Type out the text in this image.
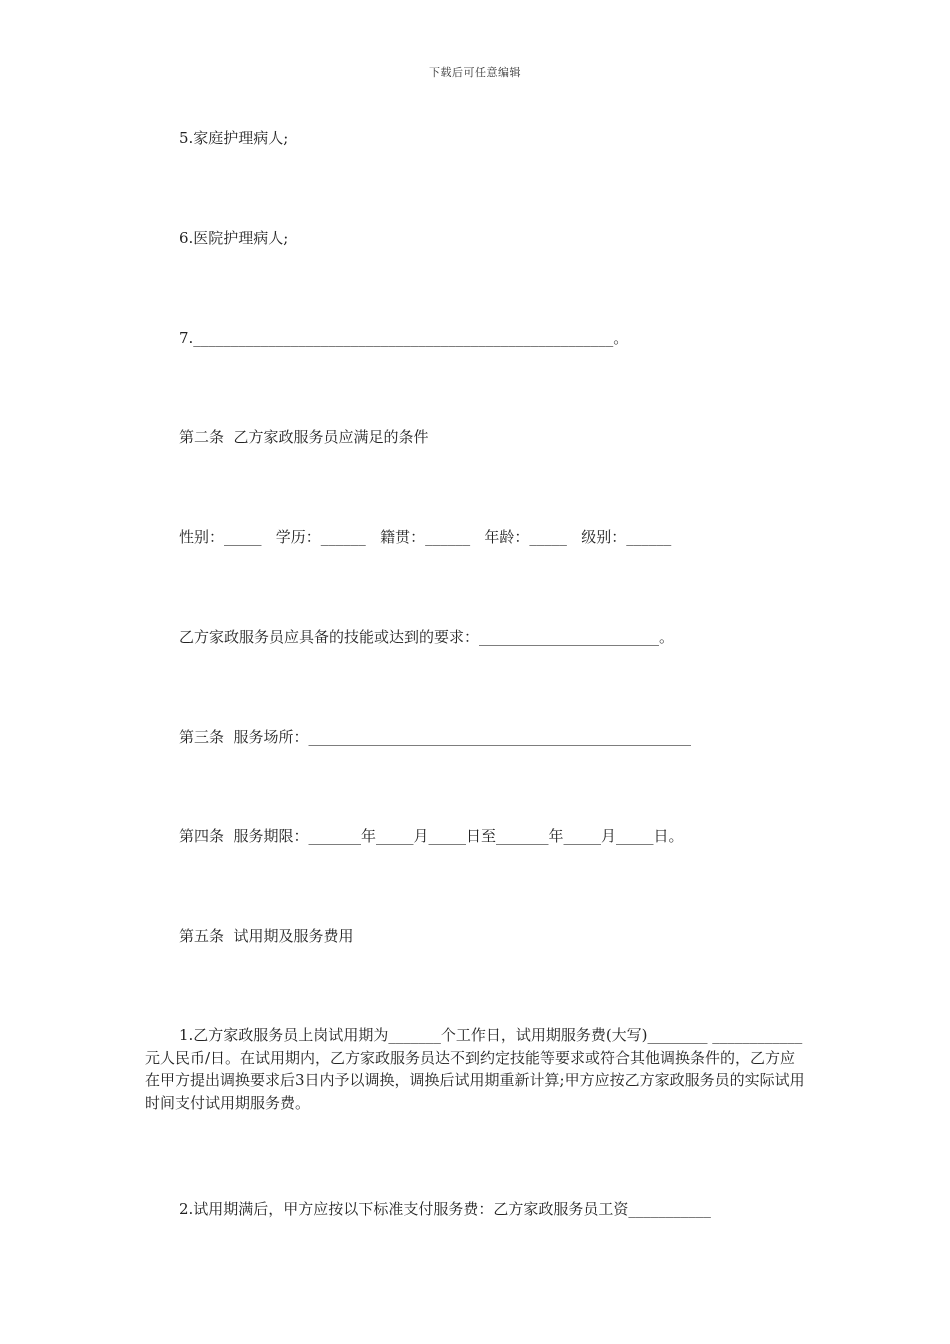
下载后可任意编辑
5.家庭护理病人;
6.医院护理病人;
7.________________________________________________________。
第二条  乙方家政服务员应满足的条件
性别：_____   学历：______   籍贯：______   年龄：_____   级别：______
乙方家政服务员应具备的技能或达到的要求：________________________。
第三条  服务场所：___________________________________________________
第四条  服务期限：_______年_____月_____日至_______年_____月_____日。
第五条  试用期及服务费用
1.乙方家政服务员上岗试用期为_______个工作日，试用期服务费(大写)________ ____________元人民币/日。在试用期内，乙方家政服务员达不到约定技能等要求或符合其他调换条件的，乙方应在甲方提出调换要求后3日内予以调换，调换后试用期重新计算;甲方应按乙方家政服务员的实际试用时间支付试用期服务费。
2.试用期满后，甲方应按以下标准支付服务费：乙方家政服务员工资___________
